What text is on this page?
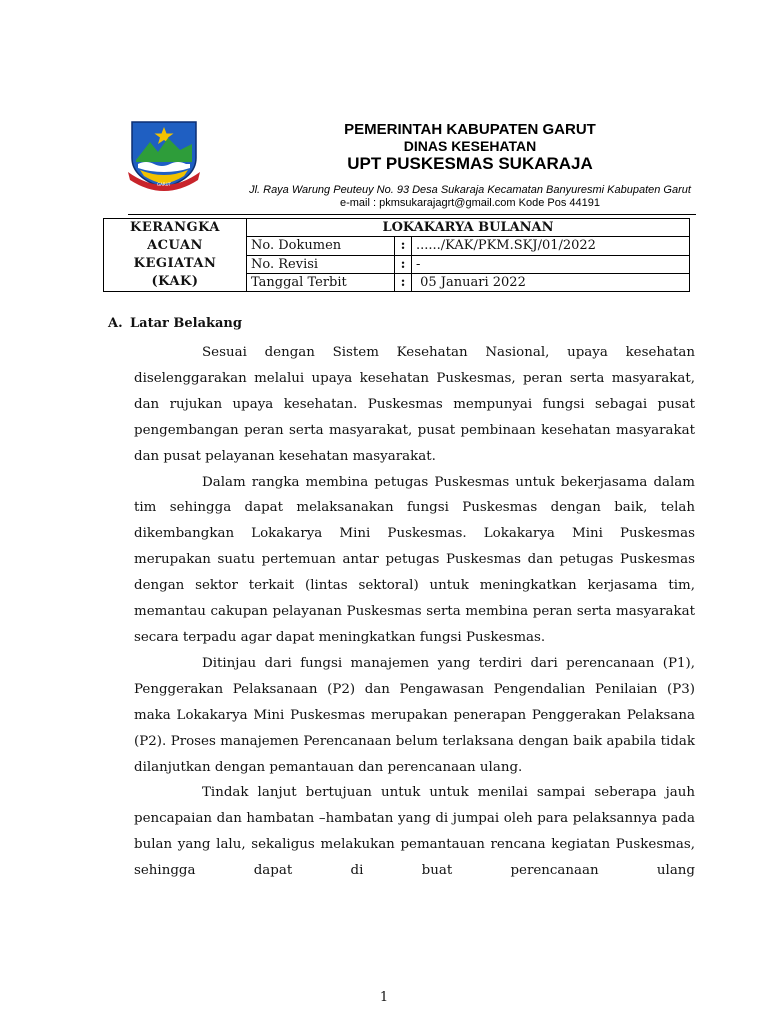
GARUT
PEMERINTAH KABUPATEN GARUT
DINAS KESEHATAN
UPT PUSKESMAS SUKARAJA
Jl. Raya Warung Peuteuy No. 93 Desa Sukaraja Kecamatan Banyuresmi Kabupaten Garut
e-mail : pkmsukarajagrt@gmail.com Kode Pos 44191
KERANGKA
ACUAN
KEGIATAN
(KAK)	LOKAKARYA BULANAN		
	No. Dokumen	:	....../KAK/PKM.SKJ/01/2022
	No. Revisi	:	-
	Tanggal Terbit	:	05 Januari 2022
A. Latar Belakang

Sesuai dengan Sistem Kesehatan Nasional, upaya kesehatan diselenggarakan melalui upaya kesehatan Puskesmas, peran serta masyarakat, dan rujukan upaya kesehatan. Puskesmas mempunyai fungsi sebagai pusat pengembangan peran serta masyarakat, pusat pembinaan kesehatan masyarakat dan pusat pelayanan kesehatan masyarakat.

Dalam rangka membina petugas Puskesmas untuk bekerjasama dalam tim sehingga dapat melaksanakan fungsi Puskesmas dengan baik, telah dikembangkan Lokakarya Mini Puskesmas. Lokakarya Mini Puskesmas merupakan suatu pertemuan antar petugas Puskesmas dan petugas Puskesmas dengan sektor terkait (lintas sektoral) untuk meningkatkan kerjasama tim, memantau cakupan pelayanan Puskesmas serta membina peran serta masyarakat secara terpadu agar dapat meningkatkan fungsi Puskesmas.

Ditinjau dari fungsi manajemen yang terdiri dari perencanaan (P1), Penggerakan Pelaksanaan (P2) dan Pengawasan Pengendalian Penilaian (P3) maka Lokakarya Mini Puskesmas merupakan penerapan Penggerakan Pelaksana (P2). Proses manajemen Perencanaan belum terlaksana dengan baik apabila tidak dilanjutkan dengan pemantauan dan perencanaan ulang.

Tindak lanjut bertujuan untuk untuk menilai sampai seberapa jauh pencapaian dan hambatan –hambatan yang di jumpai oleh para pelaksannya pada bulan yang lalu, sekaligus melakukan pemantauan rencana kegiatan Puskesmas, sehingga dapat di buat perencanaan ulang

1
